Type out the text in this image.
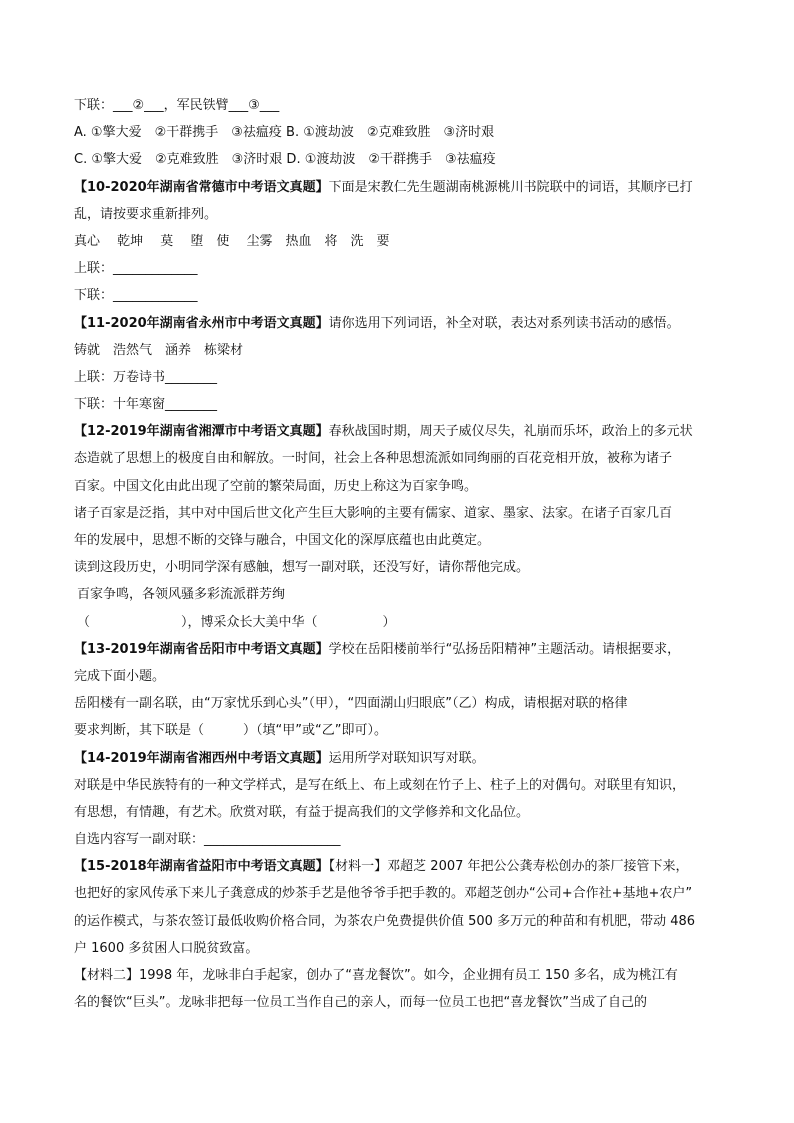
下联：___②___，军民铁臂___③___
A. ①擎大爱　②干群携手　③祛瘟疫 B. ①渡劫波　②克难致胜　③济时艰
C. ①擎大爱　②克难致胜　③济时艰 D. ①渡劫波　②干群携手　③祛瘟疫
【10-2020年湖南省常德市中考语文真题】下面是宋教仁先生题湖南桃源桃川书院联中的词语，其顺序已打
乱，请按要求重新排列。
真心　 乾坤　 莫　 堕　使　 尘雾　热血　将　洗　要
上联：_____________
下联：_____________
【11-2020年湖南省永州市中考语文真题】请你选用下列词语，补全对联，表达对系列读书活动的感悟。
铸就　浩然气　涵养　栋梁材
上联：万卷诗书________
下联：十年寒窗________
【12-2019年湖南省湘潭市中考语文真题】春秋战国时期，周天子威仪尽失，礼崩而乐坏，政治上的多元状
态造就了思想上的极度自由和解放。一时间，社会上各种思想流派如同绚丽的百花竞相开放，被称为诸子
百家。中国文化由此出现了空前的繁荣局面，历史上称这为百家争鸣。
诸子百家是泛指，其中对中国后世文化产生巨大影响的主要有儒家、道家、墨家、法家。在诸子百家几百
年的发展中，思想不断的交锋与融合，中国文化的深厚底蕴也由此奠定。
读到这段历史，小明同学深有感触，想写一副对联，还没写好，请你帮他完成。
百家争鸣，各领风骚多彩流派群芳绚
（　　　　　　　），博采众长大美中华（　　　　　）
【13-2019年湖南省岳阳市中考语文真题】学校在岳阳楼前举行“弘扬岳阳精神”主题活动。请根据要求，
完成下面小题。
岳阳楼有一副名联，由“万家忧乐到心头”（甲），“四面湖山归眼底”（乙）构成，请根据对联的格律
要求判断，其下联是（　　　）（填“甲”或“乙”即可）。
【14-2019年湖南省湘西州中考语文真题】运用所学对联知识写对联。
对联是中华民族特有的一种文学样式，是写在纸上、布上或刻在竹子上、柱子上的对偶句。对联里有知识，
有思想，有情趣，有艺术。欣赏对联，有益于提高我们的文学修养和文化品位。
自选内容写一副对联：_____________________
【15-2018年湖南省益阳市中考语文真题】【材料一】邓超芝 2007 年把公公龚寿松创办的茶厂接管下来，
也把好的家风传承下来儿子龚意成的炒茶手艺是他爷爷手把手教的。邓超芝创办“公司+合作社+基地+农户”
的运作模式，与茶农签订最低收购价格合同，为茶农户免费提供价值 500 多万元的种苗和有机肥，带动 486
户 1600 多贫困人口脱贫致富。
【材料二】1998 年，龙咏非白手起家，创办了“喜龙餐饮”。如今，企业拥有员工 150 多名，成为桃江有
名的餐饮“巨头”。龙咏非把每一位员工当作自己的亲人，而每一位员工也把“喜龙餐饮”当成了自己的
